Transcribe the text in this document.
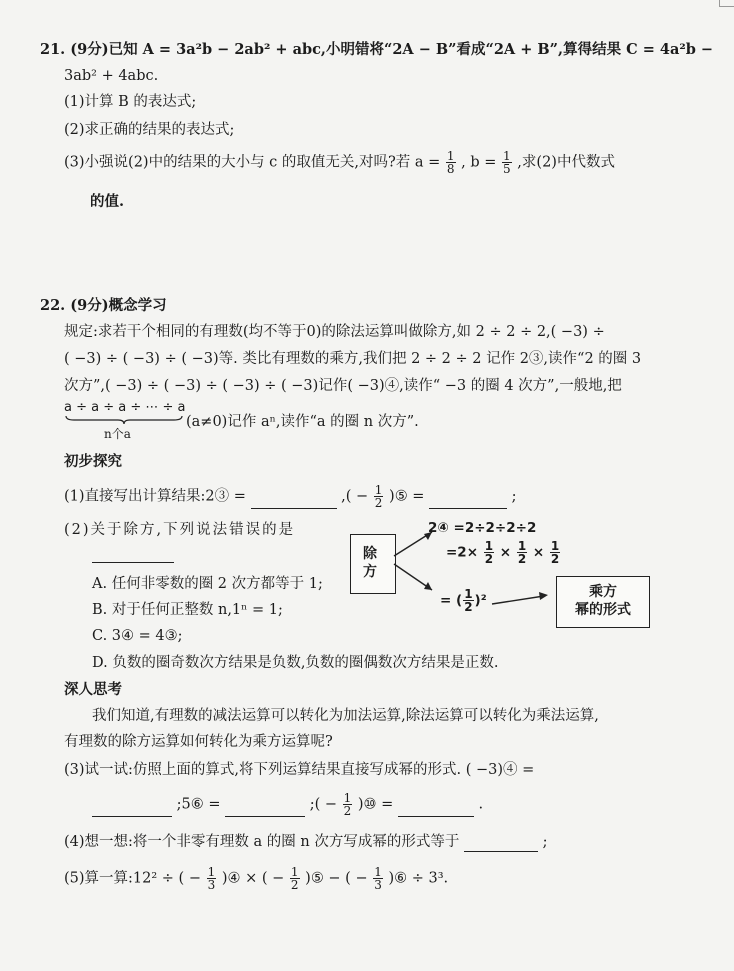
21. (9分)已知 A = 3a²b − 2ab² + abc,小明错将“2A − B”看成“2A + B”,算得结果 C = 4a²b −
3ab² + 4abc.
(1)计算 B 的表达式;
(2)求正确的结果的表达式;
(3)小强说(2)中的结果的大小与 c 的取值无关,对吗?若 $a = \frac{1}{8}$ , $b = \frac{1}{5}$ ,求(2)中代数式
的值.
22. (9分)概念学习
规定:求若干个相同的有理数(均不等于0)的除法运算叫做除方,如 2 ÷ 2 ÷ 2,( −3) ÷
( −3) ÷ ( −3) ÷ ( −3)等. 类比有理数的乘方,我们把 2 ÷ 2 ÷ 2 记作 2③,读作“2 的圈 3
次方”,( −3) ÷ ( −3) ÷ ( −3) ÷ ( −3)记作( −3)④,读作“ −3 的圈 4 次方”,一般地,把
a ÷ a ÷ a ÷ ⋯ ÷ a
n个a
(a≠0)记作 aⁿ,读作“a 的圈 n 次方”.
初步探究
(1)直接写出计算结果:2③ =	,( − $\frac{1}{2}$ )⑤ =	;
(2)关于除方,下列说法错误的是
A. 任何非零数的圈 2 次方都等于 1;
B. 对于任何正整数 n,1ⁿ = 1;
C. 3④ = 4③;
D. 负数的圈奇数次方结果是负数,负数的圈偶数次方结果是正数.
除方
2④ =2÷2÷2÷2
$=2\times \frac{1}{2} \times \frac{1}{2} \times \frac{1}{2}$
= ( $\frac{1}{2} )^2$
乘方
幂的形式
深人思考
我们知道,有理数的减法运算可以转化为加法运算,除法运算可以转化为乘法运算,
有理数的除方运算如何转化为乘方运算呢?
(3)试一试:仿照上面的算式,将下列运算结果直接写成幂的形式. ( −3)④ =
;5⑥ =	;( − $\frac{1}{2}$ )⑩ =	.
(4)想一想:将一个非零有理数 a 的圈 n 次方写成幂的形式等于	;
(5)算一算:12² ÷ ( − $\frac{1}{3}$ )④ × ( − $\frac{1}{2}$ )⑤ − ( − $\frac{1}{3}$ )⑥ ÷ 3³.
